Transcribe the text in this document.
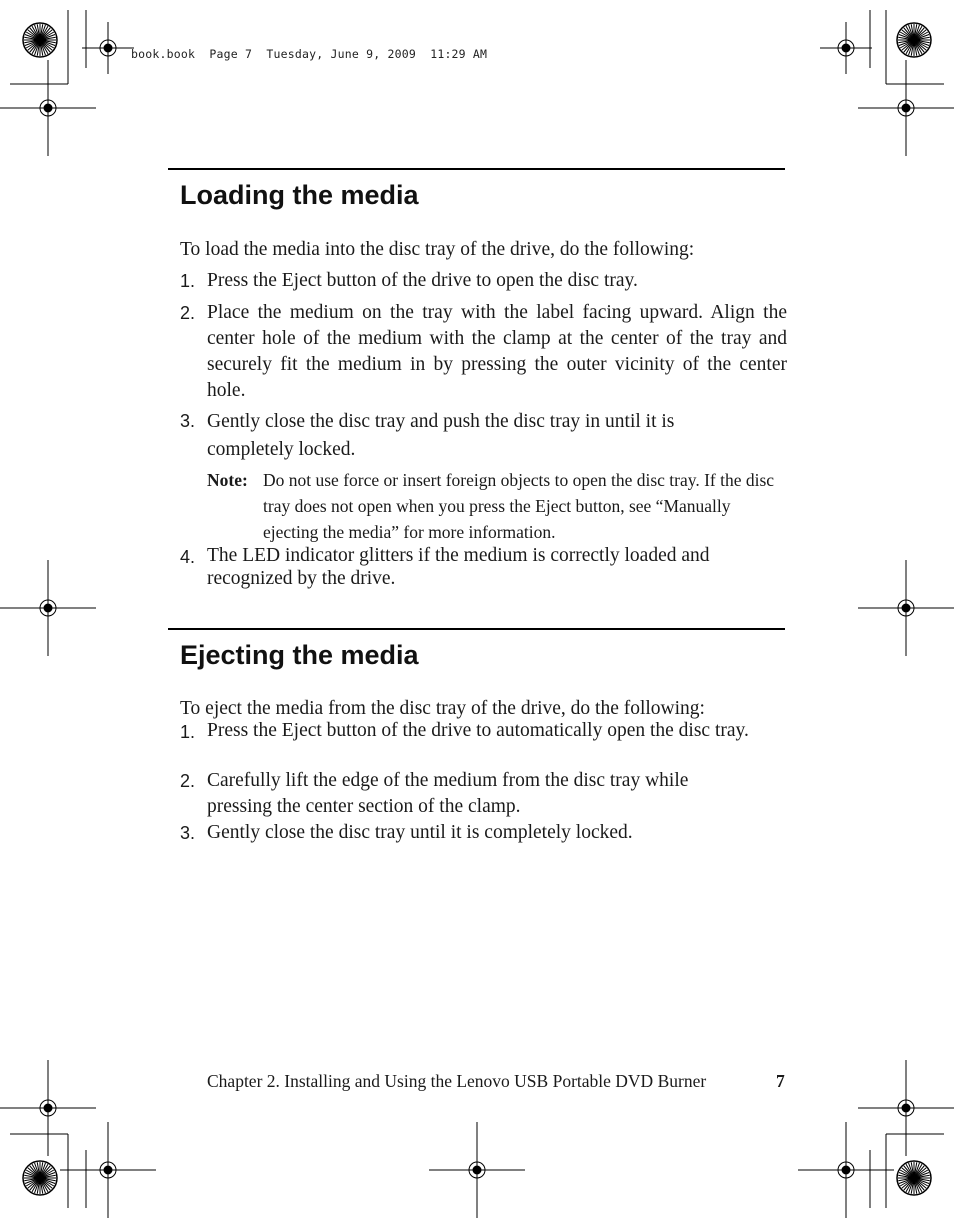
book.book  Page 7  Tuesday, June 9, 2009  11:29 AM
Loading the media
To load the media into the disc tray of the drive, do the following:
1. Press the Eject button of the drive to open the disc tray.
2. Place the medium on the tray with the label facing upward. Align the center hole of the medium with the clamp at the center of the tray and securely fit the medium in by pressing the outer vicinity of the center hole.
3. Gently close the disc tray and push the disc tray in until it is completely locked.
Note: Do not use force or insert foreign objects to open the disc tray. If the disc tray does not open when you press the Eject button, see “Manually ejecting the media” for more information.
4. The LED indicator glitters if the medium is correctly loaded and recognized by the drive.
Ejecting the media
To eject the media from the disc tray of the drive, do the following:
1. Press the Eject button of the drive to automatically open the disc tray.
2. Carefully lift the edge of the medium from the disc tray while pressing the center section of the clamp.
3. Gently close the disc tray until it is completely locked.
Chapter 2. Installing and Using the Lenovo USB Portable DVD Burner	7
